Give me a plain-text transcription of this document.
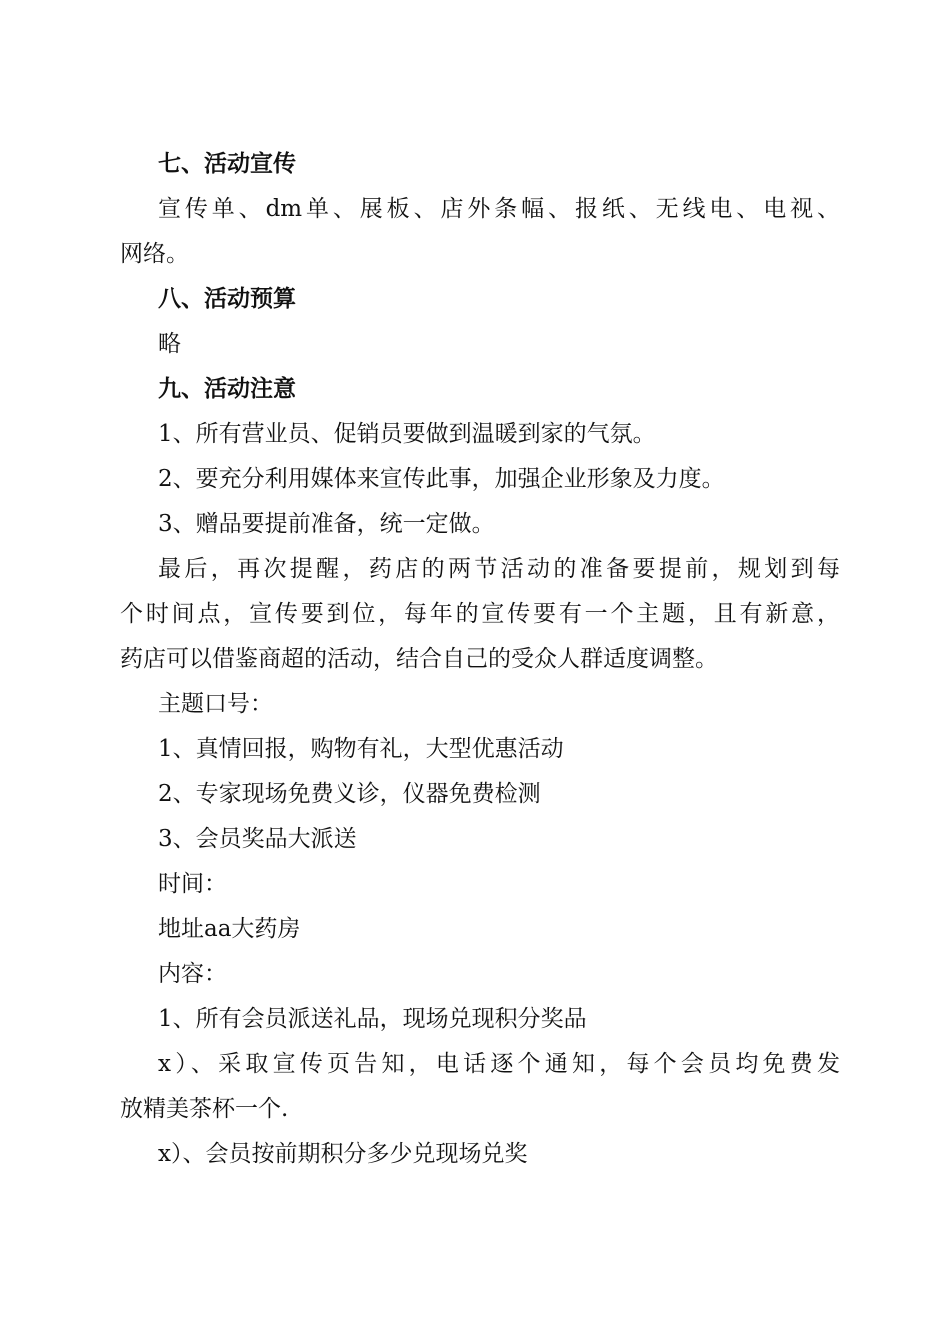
七、活动宣传

宣传单、dm单、展板、店外条幅、报纸、无线电、电视、

网络。

八、活动预算

略

九、活动注意

1、所有营业员、促销员要做到温暖到家的气氛。

2、要充分利用媒体来宣传此事，加强企业形象及力度。

3、赠品要提前准备，统一定做。

最后，再次提醒，药店的两节活动的准备要提前，规划到每

个时间点，宣传要到位，每年的宣传要有一个主题，且有新意，

药店可以借鉴商超的活动，结合自己的受众人群适度调整。

主题口号：

1、真情回报，购物有礼，大型优惠活动

2、专家现场免费义诊，仪器免费检测

3、会员奖品大派送

时间：

地址aa大药房

内容：

1、所有会员派送礼品，现场兑现积分奖品

x）、采取宣传页告知，电话逐个通知，每个会员均免费发

放精美茶杯一个.

x）、会员按前期积分多少兑现场兑奖
